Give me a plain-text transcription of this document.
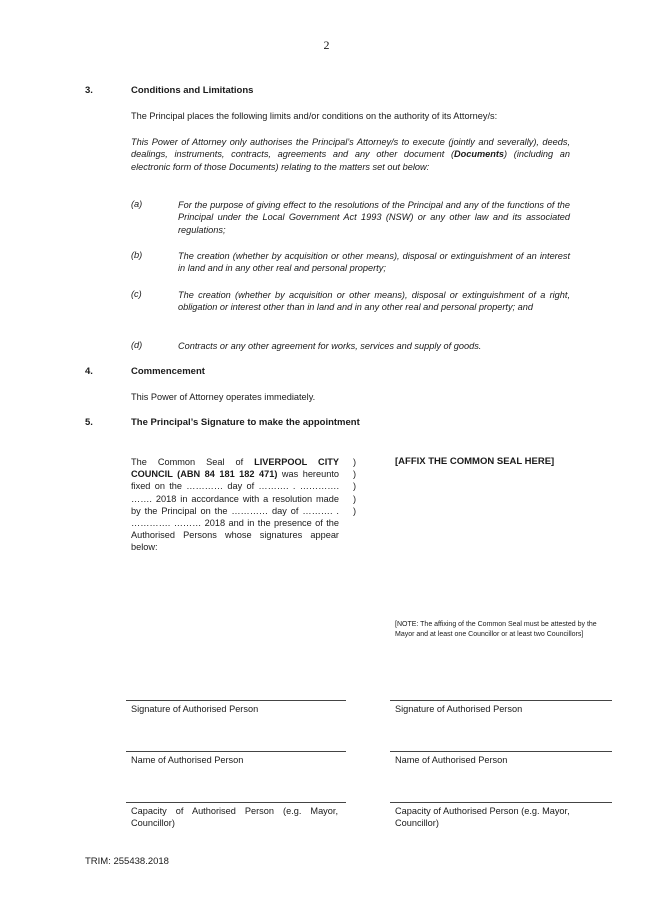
2
3.	Conditions and Limitations
The Principal places the following limits and/or conditions on the authority of its Attorney/s:
This Power of Attorney only authorises the Principal’s Attorney/s to execute (jointly and severally), deeds, dealings, instruments, contracts, agreements and any other document (Documents) (including an electronic form of those Documents) relating to the matters set out below:
(a)	For the purpose of giving effect to the resolutions of the Principal and any of the functions of the Principal under the Local Government Act 1993 (NSW) or any other law and its associated regulations;
(b)	The creation (whether by acquisition or other means), disposal or extinguishment of an interest in land and in any other real and personal property;
(c)	The creation (whether by acquisition or other means), disposal or extinguishment of a right, obligation or interest other than in land and in any other real and personal property; and
(d)	Contracts or any other agreement for works, services and supply of goods.
4.	Commencement
This Power of Attorney operates immediately.
5.	The Principal’s Signature to make the appointment
The Common Seal of LIVERPOOL CITY COUNCIL (ABN 84 181 182 471) was hereunto fixed on the ………… day of ………. . …………. ……. 2018 in accordance with a resolution made by the Principal on the ………… day of ………. . …………. ……… 2018 and in the presence of the Authorised Persons whose signatures appear below:
)
)
)
)
)
[AFFIX THE COMMON SEAL HERE]
[NOTE: The affixing of the Common Seal must be attested by the Mayor and at least one Councillor or at least two Councillors]
Signature of Authorised Person
Name of Authorised Person
Capacity of Authorised Person (e.g. Mayor, Councillor)
Signature of Authorised Person
Name of Authorised Person
Capacity of Authorised Person (e.g. Mayor, Councillor)
TRIM: 255438.2018
